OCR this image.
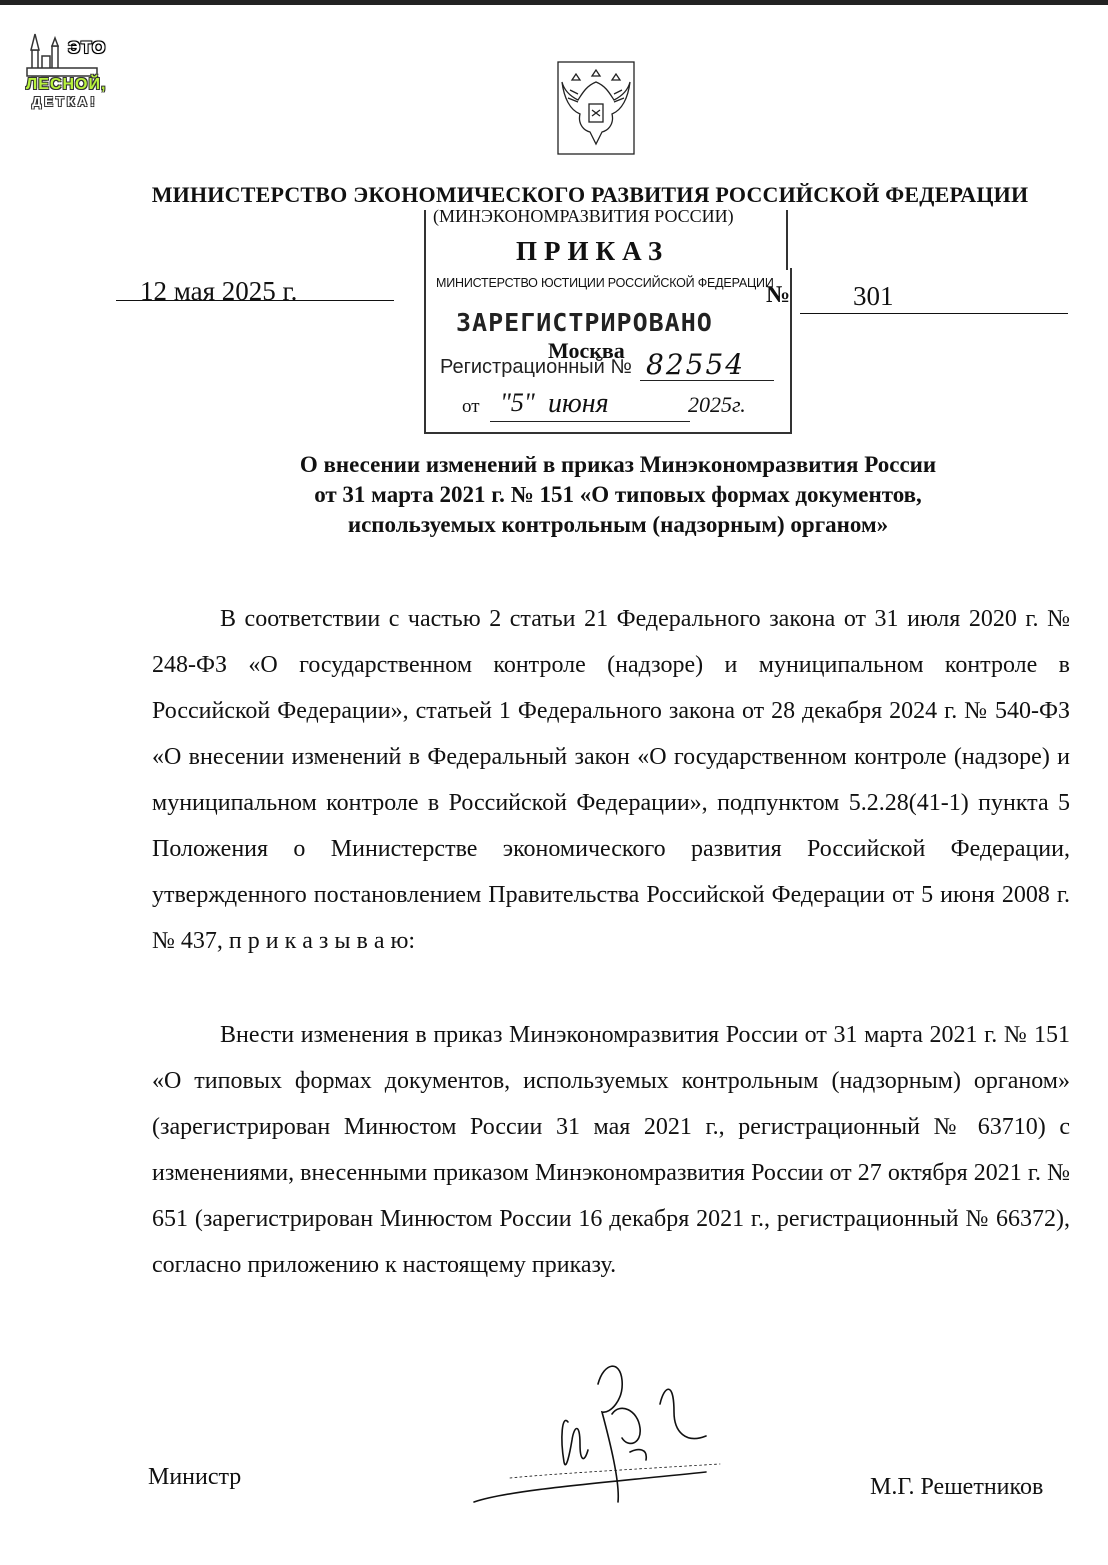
ЭТО
ЛЕСНОЙ,
ДЕТКА!
МИНИСТЕРСТВО ЭКОНОМИЧЕСКОГО РАЗВИТИЯ РОССИЙСКОЙ ФЕДЕРАЦИИ
(МИНЭКОНОМРАЗВИТИЯ РОССИИ)
ПРИКАЗ
12 мая 2025 г.	№ 301
МИНИСТЕРСТВО ЮСТИЦИИ РОССИЙСКОЙ ФЕДЕРАЦИИ
ЗАРЕГИСТРИРОВАНО
Регистрационный №
Москва 82554
от "5" июня	2025г.
О внесении изменений в приказ Минэкономразвития России
от 31 марта 2021 г. № 151 «О типовых формах документов,
используемых контрольным (надзорным) органом»
В соответствии с частью 2 статьи 21 Федерального закона от 31 июля 2020 г. № 248-ФЗ «О государственном контроле (надзоре) и муниципальном контроле в Российской Федерации», статьей 1 Федерального закона от 28 декабря 2024 г. № 540-ФЗ «О внесении изменений в Федеральный закон «О государственном контроле (надзоре) и муниципальном контроле в Российской Федерации», подпунктом 5.2.28(41-1) пункта 5 Положения о Министерстве экономического развития Российской Федерации, утвержденного постановлением Правительства Российской Федерации от 5 июня 2008 г. № 437, п р и к а з ы в а ю:
Внести изменения в приказ Минэкономразвития России от 31 марта 2021 г. № 151 «О типовых формах документов, используемых контрольным (надзорным) органом» (зарегистрирован Минюстом России 31 мая 2021 г., регистрационный № 63710) с изменениями, внесенными приказом Минэкономразвития России от 27 октября 2021 г. № 651 (зарегистрирован Минюстом России 16 декабря 2021 г., регистрационный № 66372), согласно приложению к настоящему приказу.
Министр	М.Г. Решетников
